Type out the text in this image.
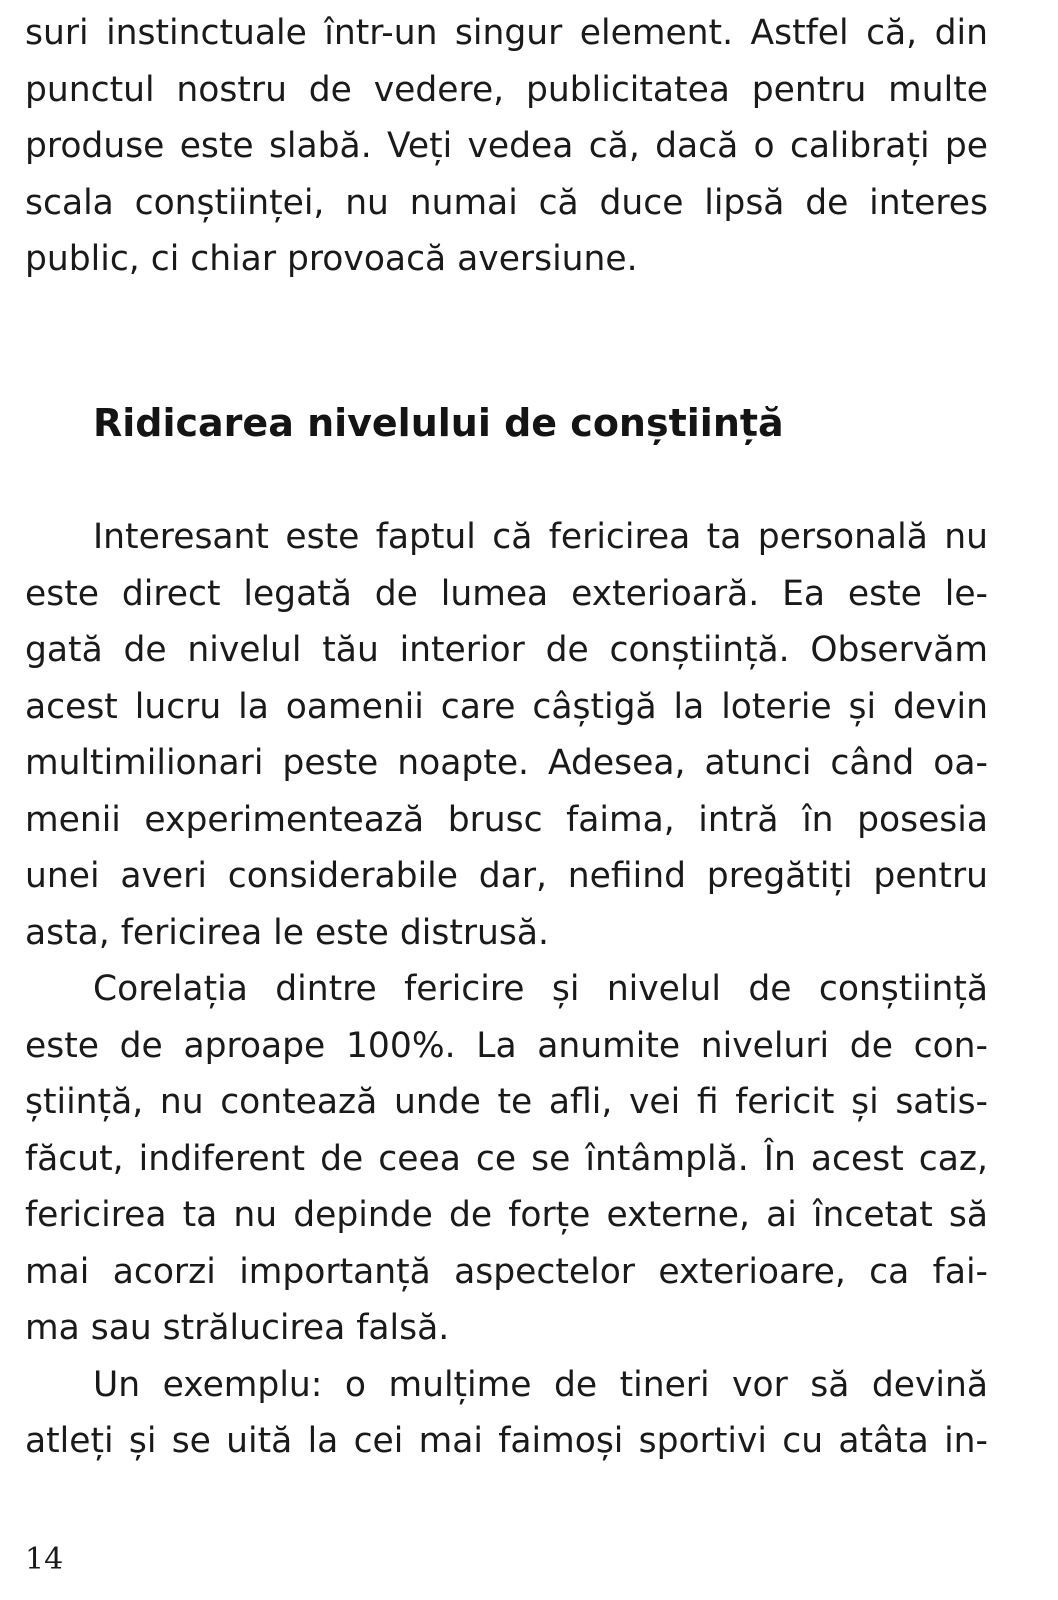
suri instinctuale într-un singur element. Astfel că, din
punctul nostru de vedere, publicitatea pentru multe
produse este slabă. Veți vedea că, dacă o calibrați pe
scala conștiinței, nu numai că duce lipsă de interes
public, ci chiar provoacă aversiune.
Ridicarea nivelului de conștiință
Interesant este faptul că fericirea ta personală nu
este direct legată de lumea exterioară. Ea este le-
gată de nivelul tău interior de conștiință. Observăm
acest lucru la oamenii care câștigă la loterie și devin
multimilionari peste noapte. Adesea, atunci când oa-
menii experimentează brusc faima, intră în posesia
unei averi considerabile dar, nefiind pregătiți pentru
asta, fericirea le este distrusă.
Corelația dintre fericire și nivelul de conștiință
este de aproape 100%. La anumite niveluri de con-
știință, nu contează unde te afli, vei fi fericit și satis-
făcut, indiferent de ceea ce se întâmplă. În acest caz,
fericirea ta nu depinde de forțe externe, ai încetat să
mai acorzi importanță aspectelor exterioare, ca fai-
ma sau strălucirea falsă.
Un exemplu: o mulțime de tineri vor să devină
atleți și se uită la cei mai faimoși sportivi cu atâta in-
14
